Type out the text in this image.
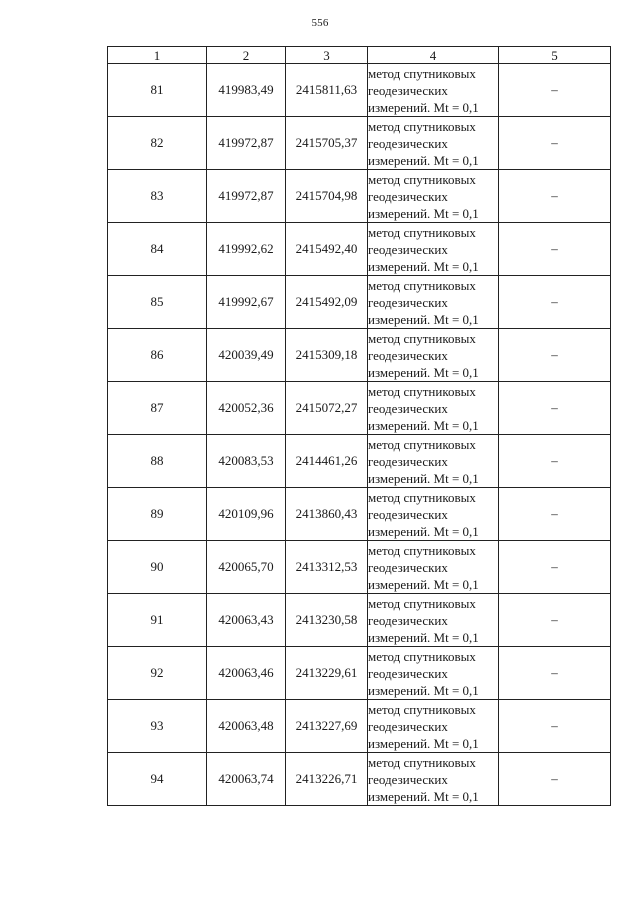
556
1	2	3	4	5
81	419983,49	2415811,63	метод спутниковых
геодезических
измерений. Mt = 0,1	–
82	419972,87	2415705,37	метод спутниковых
геодезических
измерений. Mt = 0,1	–
83	419972,87	2415704,98	метод спутниковых
геодезических
измерений. Mt = 0,1	–
84	419992,62	2415492,40	метод спутниковых
геодезических
измерений. Mt = 0,1	–
85	419992,67	2415492,09	метод спутниковых
геодезических
измерений. Mt = 0,1	–
86	420039,49	2415309,18	метод спутниковых
геодезических
измерений. Mt = 0,1	–
87	420052,36	2415072,27	метод спутниковых
геодезических
измерений. Mt = 0,1	–
88	420083,53	2414461,26	метод спутниковых
геодезических
измерений. Mt = 0,1	–
89	420109,96	2413860,43	метод спутниковых
геодезических
измерений. Mt = 0,1	–
90	420065,70	2413312,53	метод спутниковых
геодезических
измерений. Mt = 0,1	–
91	420063,43	2413230,58	метод спутниковых
геодезических
измерений. Mt = 0,1	–
92	420063,46	2413229,61	метод спутниковых
геодезических
измерений. Mt = 0,1	–
93	420063,48	2413227,69	метод спутниковых
геодезических
измерений. Mt = 0,1	–
94	420063,74	2413226,71	метод спутниковых
геодезических
измерений. Mt = 0,1	–
